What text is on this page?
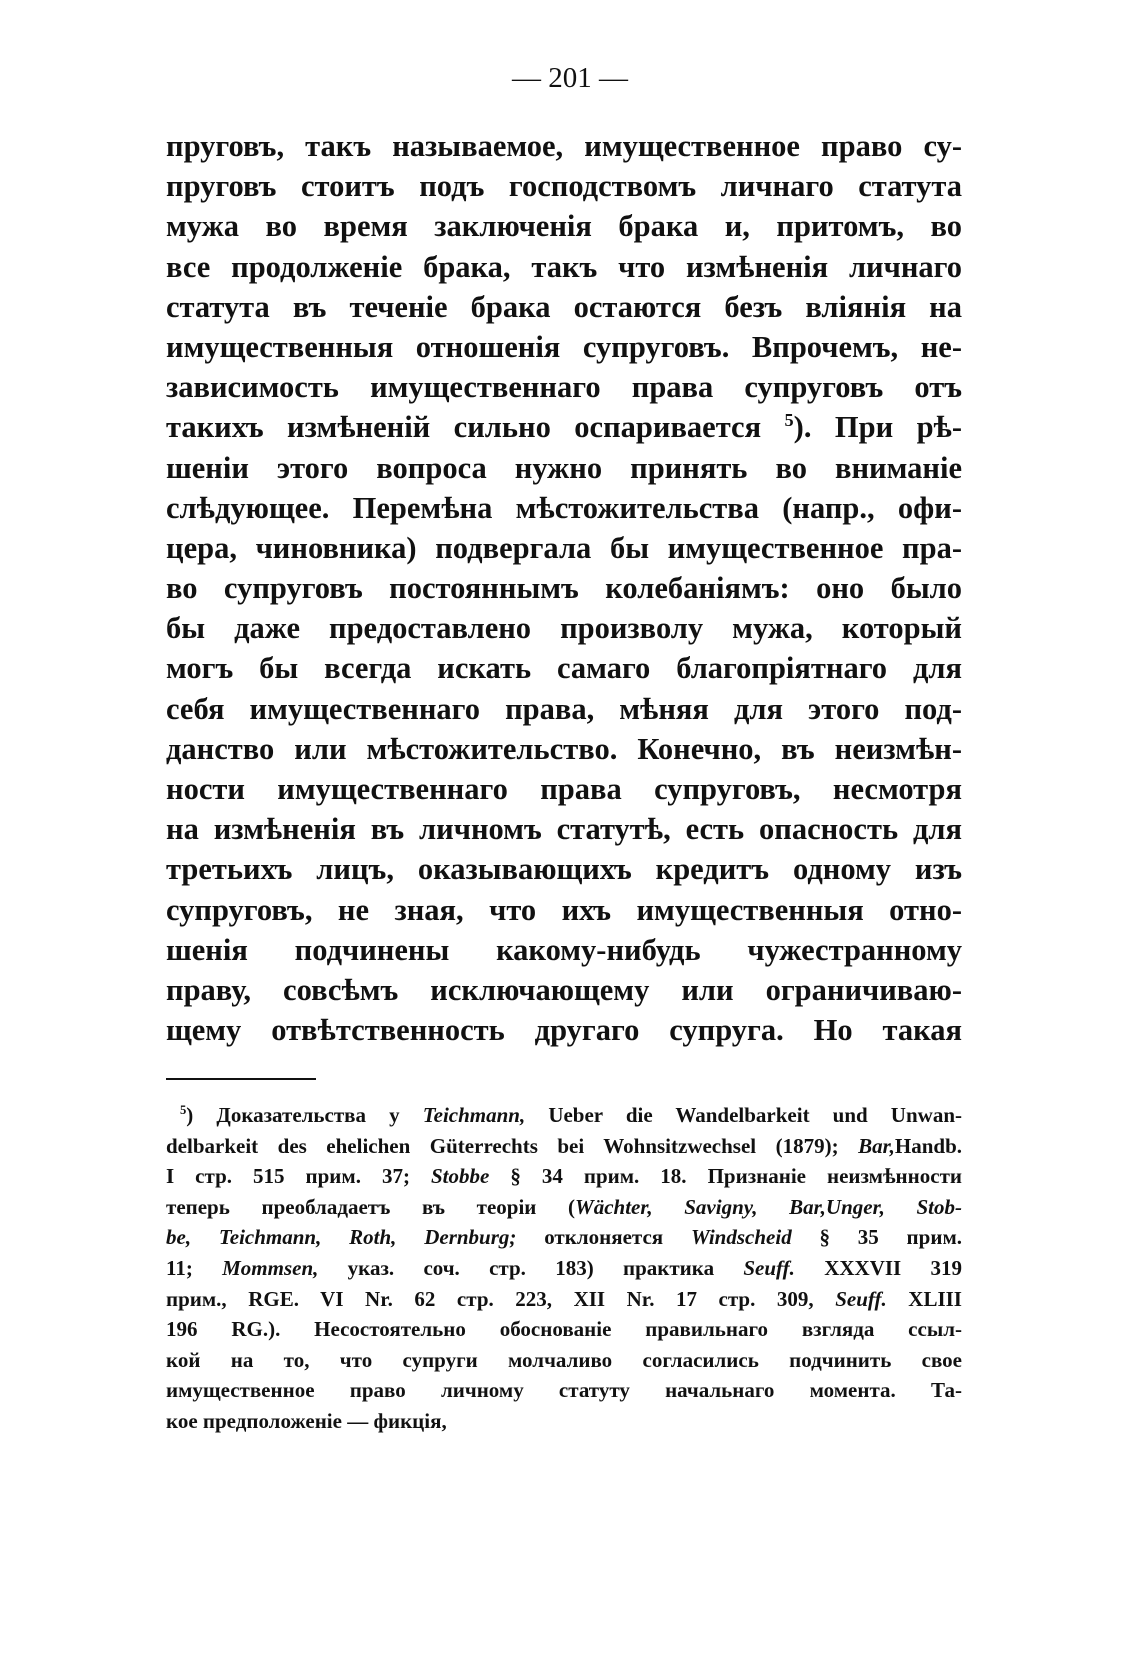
— 201 —
пруговъ, такъ называемое, имущественное право су-
пруговъ стоитъ подъ господствомъ личнаго статута
мужа во время заключенія брака и, притомъ, во
все продолженіе брака, такъ что измѣненія личнаго
статута въ теченіе брака остаются безъ вліянія на
имущественныя отношенія супруговъ. Впрочемъ, не-
зависимость имущественнаго права супруговъ отъ
такихъ измѣненій сильно оспаривается $^5$). При рѣ-
шеніи этого вопроса нужно принять во вниманіе
слѣдующее. Перемѣна мѣстожительства (напр., офи-
цера, чиновника) подвергала бы имущественное пра-
во супруговъ постояннымъ колебаніямъ: оно было
бы даже предоставлено произволу мужа, который
могъ бы всегда искать самаго благопріятнаго для
себя имущественнаго права, мѣняя для этого под-
данство или мѣстожительство. Конечно, въ неизмѣн-
ности имущественнаго права супруговъ, несмотря
на измѣненія въ личномъ статутѣ, есть опасность для
третьихъ лицъ, оказывающихъ кредитъ одному изъ
супруговъ, не зная, что ихъ имущественныя отно-
шенія подчинены какому-нибудь чужестранному
праву, совсѣмъ исключающему или ограничиваю-
щему отвѣтственность другаго супруга. Но такая
$^5$) Доказательства у Teichmann, Ueber die Wandelbarkeit und Unwan-
delbarkeit des ehelichen Güterrechts bei Wohnsitzwechsel (1879); Bar,Handb.
I стр. 515 прим. 37; Stobbe § 34 прим. 18. Признаніе неизмѣнности
теперь преобладаетъ въ теоріи (Wächter, Savigny, Bar,Unger, Stob-
be, Teichmann, Roth, Dernburg; отклоняется Windscheid § 35 прим.
11; Mommsen, указ. соч. стр. 183) практика Seuff. XXXVII 319
прим., RGE. VI Nr. 62 стр. 223, XII Nr. 17 стр. 309, Seuff. XLIII
196 RG.). Несостоятельно обоснованіе правильнаго взгляда ссыл-
кой на то, что супруги молчаливо согласились подчинить свое
имущественное право личному статуту начальнаго момента. Та-
кое предположеніе — фикція,
